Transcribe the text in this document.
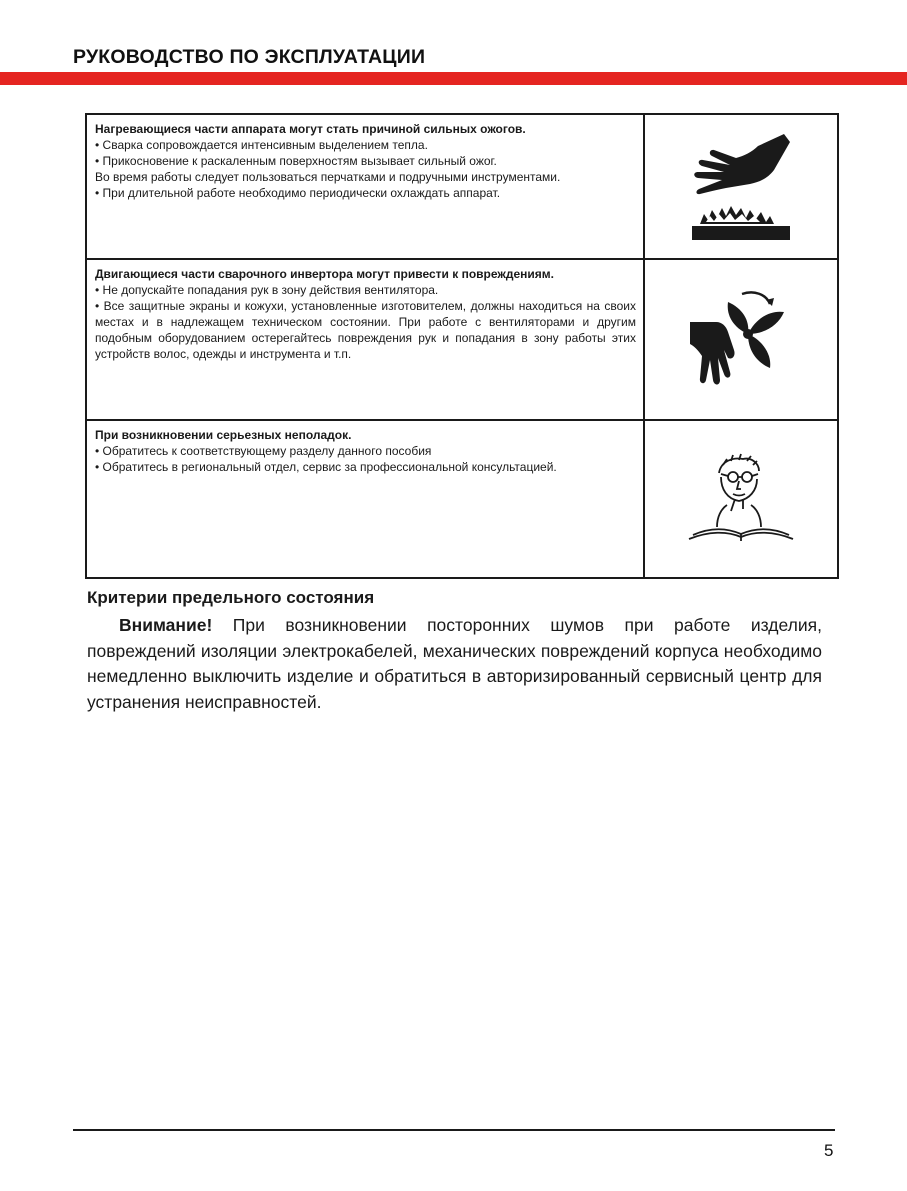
РУКОВОДСТВО ПО ЭКСПЛУАТАЦИИ
Нагревающиеся части аппарата могут стать причиной сильных ожогов.
• Сварка сопровождается интенсивным выделением тепла.
• Прикосновение к раскаленным поверхностям вызывает сильный ожог.
Во время работы следует пользоваться перчатками и подручными инструментами.
• При длительной работе необходимо периодически охлаждать аппарат.

Двигающиеся части сварочного инвертора могут привести к повреждениям.
• Не допускайте попадания рук в зону действия вентилятора.
• Все защитные экраны и кожухи, установленные изготовителем, должны находиться на своих местах и в надлежащем техническом состоянии. При работе с вентиляторами и другим подобным оборудованием остерегайтесь повреждения рук и попадания в зону работы этих устройств волос, одежды и инструмента и т.п.

При возникновении серьезных неполадок.
• Обратитесь к соответствующему разделу данного пособия
• Обратитесь в региональный отдел, сервис за профессиональной консультацией.

Критерии предельного состояния

Внимание! При возникновении посторонних шумов при работе изделия, повреждений изоляции электрокабелей, механических повреждений корпуса необходимо немедленно выключить изделие и обратиться в авторизированный сервисный центр для устранения неисправностей.

5
